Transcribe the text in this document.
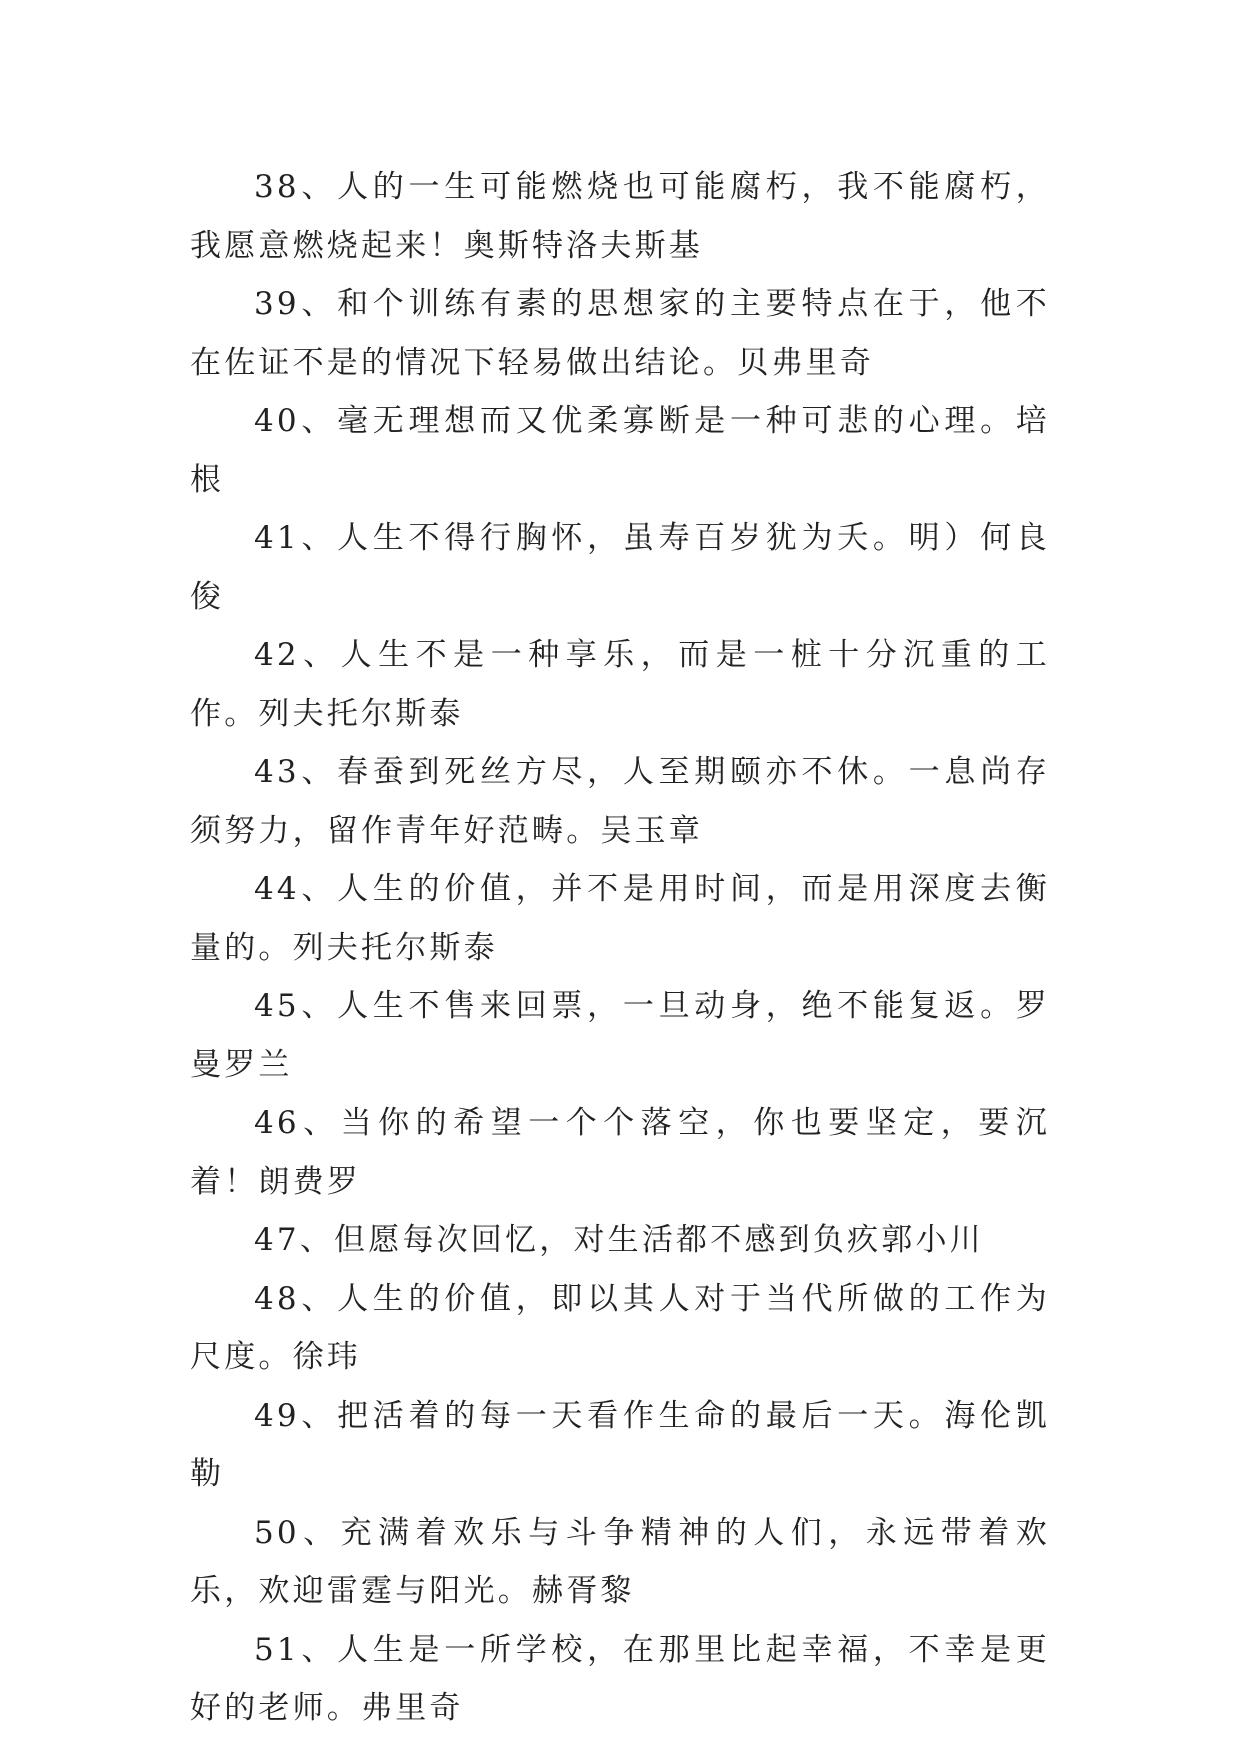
38、人的一生可能燃烧也可能腐朽，我不能腐朽，我愿意燃烧起来！奥斯特洛夫斯基

39、和个训练有素的思想家的主要特点在于，他不在佐证不是的情况下轻易做出结论。贝弗里奇

40、毫无理想而又优柔寡断是一种可悲的心理。培根

41、人生不得行胸怀，虽寿百岁犹为夭。明）何良俊

42、人生不是一种享乐，而是一桩十分沉重的工作。列夫托尔斯泰

43、春蚕到死丝方尽，人至期颐亦不休。一息尚存须努力，留作青年好范畴。吴玉章

44、人生的价值，并不是用时间，而是用深度去衡量的。列夫托尔斯泰

45、人生不售来回票，一旦动身，绝不能复返。罗曼罗兰

46、当你的希望一个个落空，你也要坚定，要沉着！朗费罗

47、但愿每次回忆，对生活都不感到负疚郭小川

48、人生的价值，即以其人对于当代所做的工作为尺度。徐玮

49、把活着的每一天看作生命的最后一天。海伦凯勒

50、充满着欢乐与斗争精神的人们，永远带着欢乐，欢迎雷霆与阳光。赫胥黎

51、人生是一所学校，在那里比起幸福，不幸是更好的老师。弗里奇
